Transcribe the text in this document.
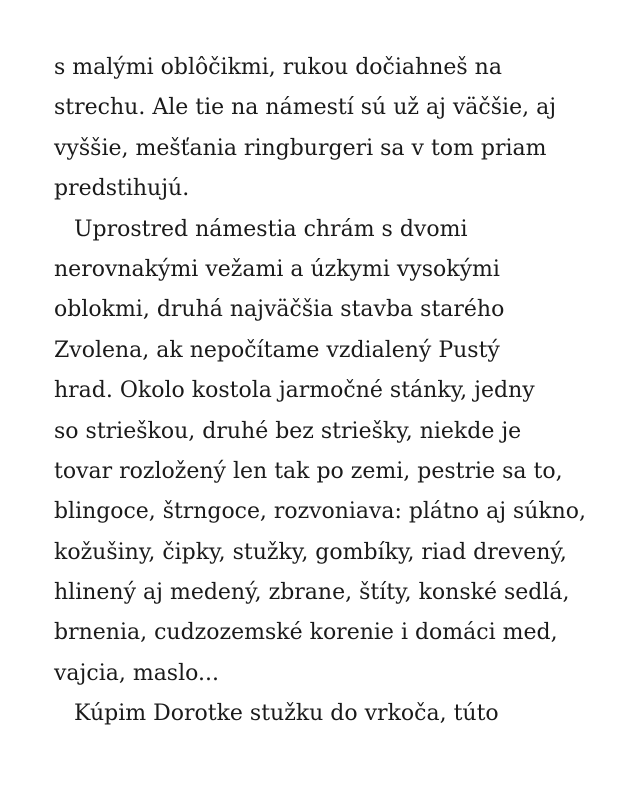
s malými oblôčikmi, rukou dočiahneš na
strechu. Ale tie na námestí sú už aj väčšie, aj
vyššie, mešťania ringburgeri sa v tom priam
predstihujú.

Uprostred námestia chrám s dvomi
nerovnakými vežami a úzkymi vysokými
oblokmi, druhá najväčšia stavba starého
Zvolena, ak nepočítame vzdialený Pustý
hrad. Okolo kostola jarmočné stánky, jedny
so strieškou, druhé bez striešky, niekde je
tovar rozložený len tak po zemi, pestrie sa to,
blingoce, štrngoce, rozvoniava: plátno aj súkno,
kožušiny, čipky, stužky, gombíky, riad drevený,
hlinený aj medený, zbrane, štíty, konské sedlá,
brnenia, cudzozemské korenie i domáci med,
vajcia, maslo...

Kúpim Dorotke stužku do vrkoča, túto
